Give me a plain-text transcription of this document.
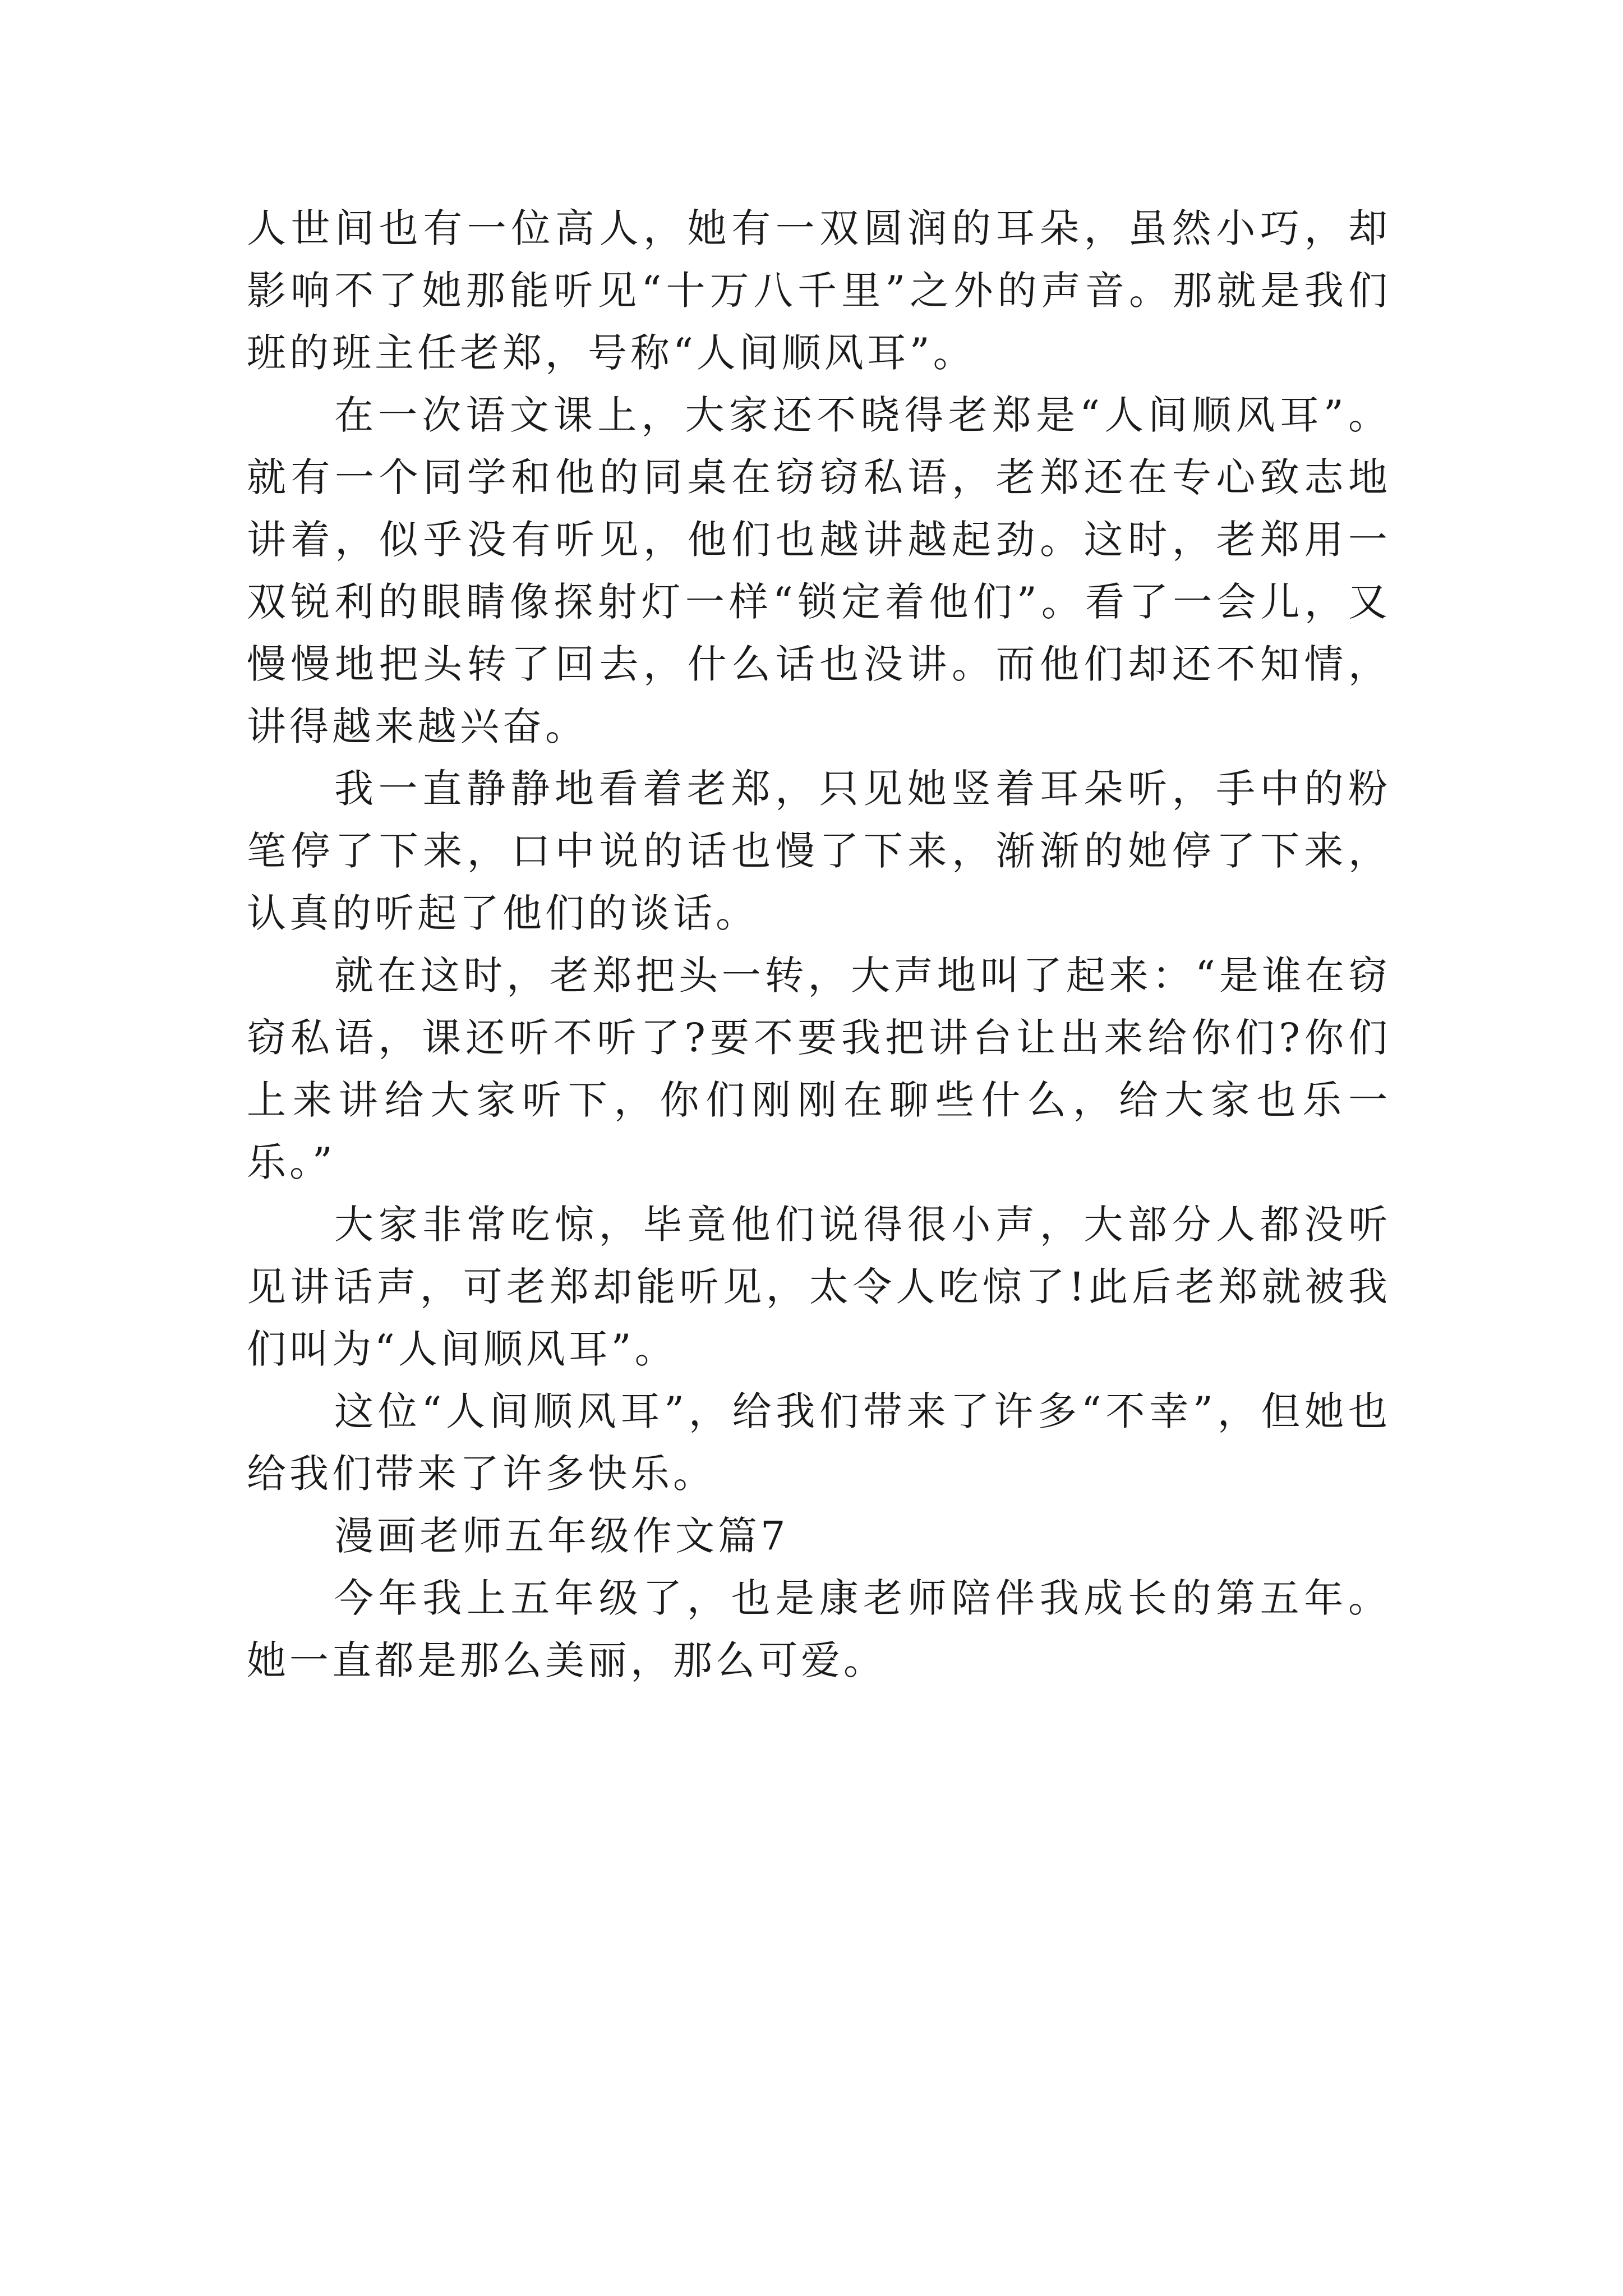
人世间也有一位高人，她有一双圆润的耳朵，虽然小巧，却影响不了她那能听见“十万八千里”之外的声音。那就是我们班的班主任老郑，号称“人间顺风耳”。

在一次语文课上，大家还不晓得老郑是“人间顺风耳”。就有一个同学和他的同桌在窃窃私语，老郑还在专心致志地讲着，似乎没有听见，他们也越讲越起劲。这时，老郑用一双锐利的眼睛像探射灯一样“锁定着他们”。看了一会儿，又慢慢地把头转了回去，什么话也没讲。而他们却还不知情，讲得越来越兴奋。

我一直静静地看着老郑，只见她竖着耳朵听，手中的粉笔停了下来，口中说的话也慢了下来，渐渐的她停了下来，认真的听起了他们的谈话。

就在这时，老郑把头一转，大声地叫了起来：“是谁在窃窃私语，课还听不听了?要不要我把讲台让出来给你们?你们上来讲给大家听下，你们刚刚在聊些什么，给大家也乐一乐。”

大家非常吃惊，毕竟他们说得很小声，大部分人都没听见讲话声，可老郑却能听见，太令人吃惊了!此后老郑就被我们叫为“人间顺风耳”。

这位“人间顺风耳”，给我们带来了许多“不幸”，但她也给我们带来了许多快乐。

漫画老师五年级作文篇7

今年我上五年级了，也是康老师陪伴我成长的第五年。她一直都是那么美丽，那么可爱。
